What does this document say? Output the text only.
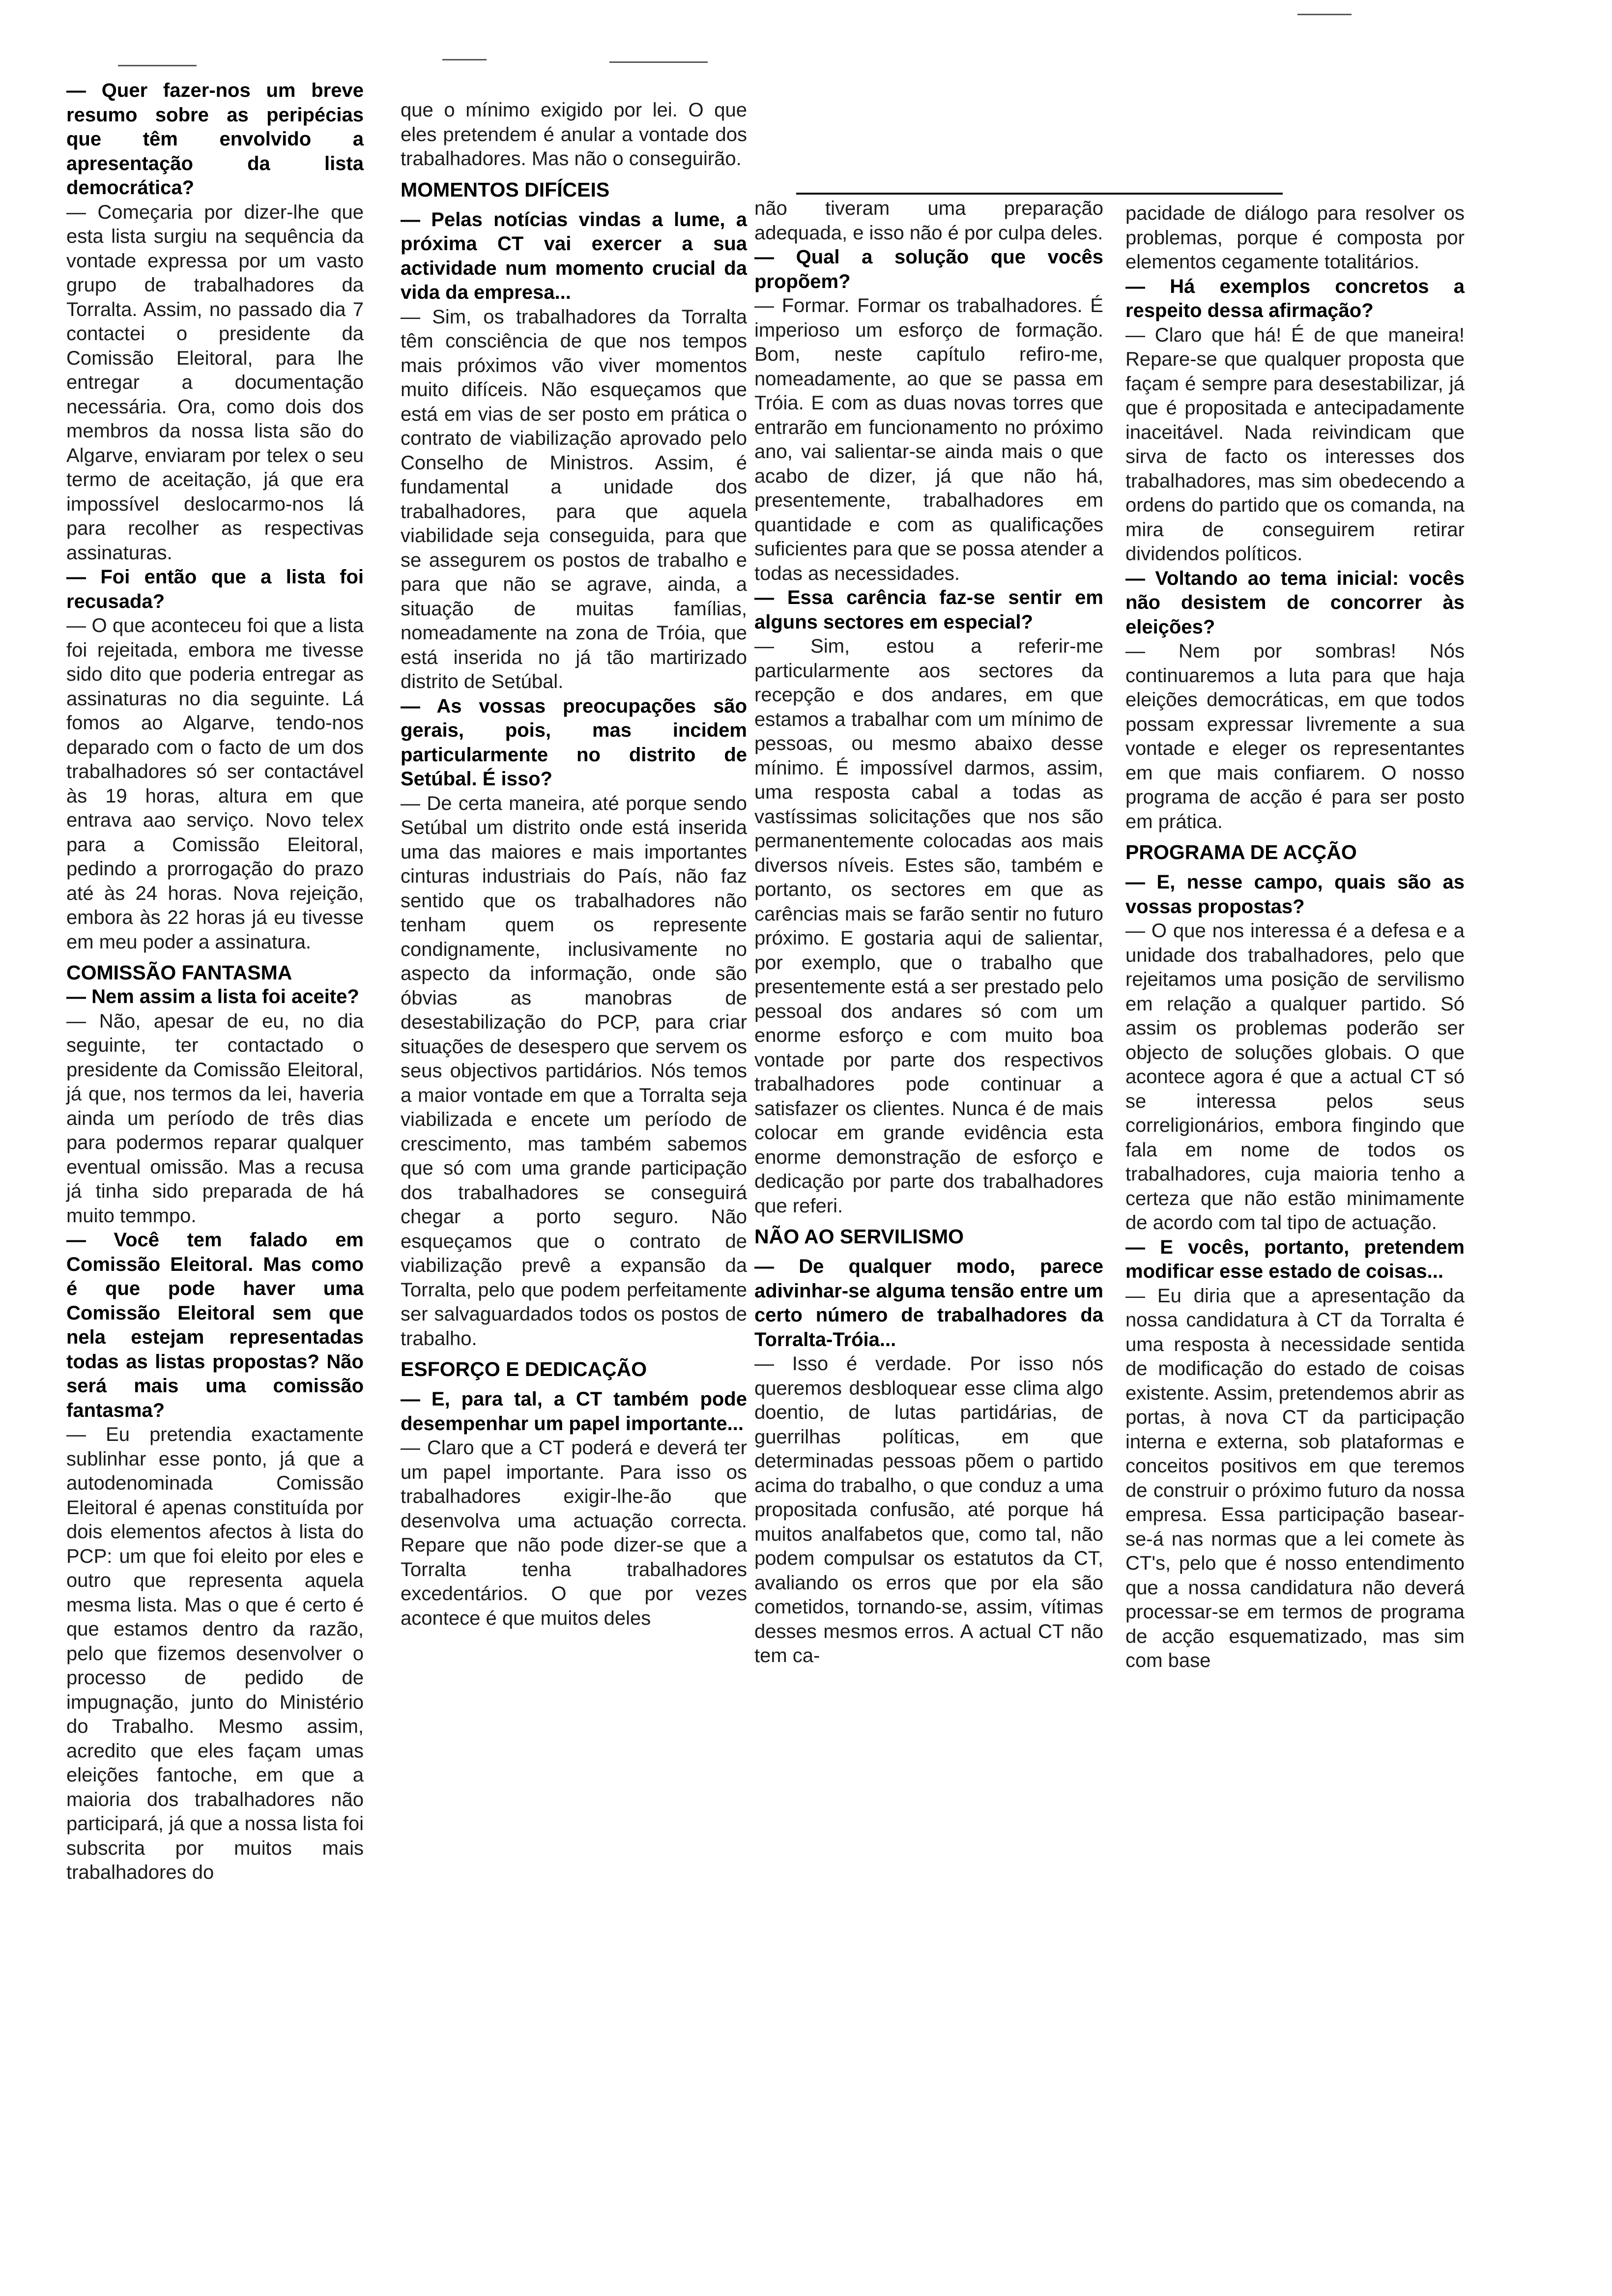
— Quer fazer-nos um breve resumo sobre as peripécias que têm envolvido a apresentação da lista democrática?

— Começaria por dizer-lhe que esta lista surgiu na sequência da vontade expressa por um vasto grupo de trabalhadores da Torralta. Assim, no passado dia 7 contactei o presidente da Comissão Eleitoral, para lhe entregar a documentação necessária. Ora, como dois dos membros da nossa lista são do Algarve, enviaram por telex o seu termo de aceitação, já que era impossível deslocarmo-nos lá para recolher as respectivas assinaturas.

— Foi então que a lista foi recusada?

— O que aconteceu foi que a lista foi rejeitada, embora me tivesse sido dito que poderia entregar as assinaturas no dia seguinte. Lá fomos ao Algarve, tendo-nos deparado com o facto de um dos trabalhadores só ser contactável às 19 horas, altura em que entrava aao serviço. Novo telex para a Comissão Eleitoral, pedindo a prorrogação do prazo até às 24 horas. Nova rejeição, embora às 22 horas já eu tivesse em meu poder a assinatura.

COMISSÃO FANTASMA

— Nem assim a lista foi aceite?

— Não, apesar de eu, no dia seguinte, ter contactado o presidente da Comissão Eleitoral, já que, nos termos da lei, haveria ainda um período de três dias para podermos reparar qualquer eventual omissão. Mas a recusa já tinha sido preparada de há muito temmpo.

— Você tem falado em Comissão Eleitoral. Mas como é que pode haver uma Comissão Eleitoral sem que nela estejam representadas todas as listas propostas? Não será mais uma comissão fantasma?

— Eu pretendia exactamente sublinhar esse ponto, já que a autodenominada Comissão Eleitoral é apenas constituída por dois elementos afectos à lista do PCP: um que foi eleito por eles e outro que representa aquela mesma lista. Mas o que é certo é que estamos dentro da razão, pelo que fizemos desenvolver o processo de pedido de impugnação, junto do Ministério do Trabalho. Mesmo assim, acredito que eles façam umas eleições fantoche, em que a maioria dos trabalhadores não participará, já que a nossa lista foi subscrita por muitos mais trabalhadores do

que o mínimo exigido por lei. O que eles pretendem é anular a vontade dos trabalhadores. Mas não o conseguirão.

MOMENTOS DIFÍCEIS

— Pelas notícias vindas a lume, a próxima CT vai exercer a sua actividade num momento crucial da vida da empresa...

— Sim, os trabalhadores da Torralta têm consciência de que nos tempos mais próximos vão viver momentos muito difíceis. Não esqueçamos que está em vias de ser posto em prática o contrato de viabilização aprovado pelo Conselho de Ministros. Assim, é fundamental a unidade dos trabalhadores, para que aquela viabilidade seja conseguida, para que se assegurem os postos de trabalho e para que não se agrave, ainda, a situação de muitas famílias, nomeadamente na zona de Tróia, que está inserida no já tão martirizado distrito de Setúbal.

— As vossas preocupações são gerais, pois, mas incidem particularmente no distrito de Setúbal. É isso?

— De certa maneira, até porque sendo Setúbal um distrito onde está inserida uma das maiores e mais importantes cinturas industriais do País, não faz sentido que os trabalhadores não tenham quem os represente condignamente, inclusivamente no aspecto da informação, onde são óbvias as manobras de desestabilização do PCP, para criar situações de desespero que servem os seus objectivos partidários. Nós temos a maior vontade em que a Torralta seja viabilizada e encete um período de crescimento, mas também sabemos que só com uma grande participação dos trabalhadores se conseguirá chegar a porto seguro. Não esqueçamos que o contrato de viabilização prevê a expansão da Torralta, pelo que podem perfeitamente ser salvaguardados todos os postos de trabalho.

ESFORÇO E DEDICAÇÃO

— E, para tal, a CT também pode desempenhar um papel importante...

— Claro que a CT poderá e deverá ter um papel importante. Para isso os trabalhadores exigir-lhe-ão que desenvolva uma actuação correcta. Repare que não pode dizer-se que a Torralta tenha trabalhadores excedentários. O que por vezes acontece é que muitos deles

não tiveram uma preparação adequada, e isso não é por culpa deles.

— Qual a solução que vocês propõem?

— Formar. Formar os trabalhadores. É imperioso um esforço de formação. Bom, neste capítulo refiro-me, nomeadamente, ao que se passa em Tróia. E com as duas novas torres que entrarão em funcionamento no próximo ano, vai salientar-se ainda mais o que acabo de dizer, já que não há, presentemente, trabalhadores em quantidade e com as qualificações suficientes para que se possa atender a todas as necessidades.

— Essa carência faz-se sentir em alguns sectores em especial?

— Sim, estou a referir-me particularmente aos sectores da recepção e dos andares, em que estamos a trabalhar com um mínimo de pessoas, ou mesmo abaixo desse mínimo. É impossível darmos, assim, uma resposta cabal a todas as vastíssimas solicitações que nos são permanentemente colocadas aos mais diversos níveis. Estes são, também e portanto, os sectores em que as carências mais se farão sentir no futuro próximo. E gostaria aqui de salientar, por exemplo, que o trabalho que presentemente está a ser prestado pelo pessoal dos andares só com um enorme esforço e com muito boa vontade por parte dos respectivos trabalhadores pode continuar a satisfazer os clientes. Nunca é de mais colocar em grande evidência esta enorme demonstração de esforço e dedicação por parte dos trabalhadores que referi.

NÃO AO SERVILISMO

— De qualquer modo, parece adivinhar-se alguma tensão entre um certo número de trabalhadores da Torralta-Tróia...

— Isso é verdade. Por isso nós queremos desbloquear esse clima algo doentio, de lutas partidárias, de guerrilhas políticas, em que determinadas pessoas põem o partido acima do trabalho, o que conduz a uma propositada confusão, até porque há muitos analfabetos que, como tal, não podem compulsar os estatutos da CT, avaliando os erros que por ela são cometidos, tornando-se, assim, vítimas desses mesmos erros. A actual CT não tem ca-

pacidade de diálogo para resolver os problemas, porque é composta por elementos cegamente totalitários.

— Há exemplos concretos a respeito dessa afirmação?

— Claro que há! É de que maneira! Repare-se que qualquer proposta que façam é sempre para desestabilizar, já que é propositada e antecipadamente inaceitável. Nada reivindicam que sirva de facto os interesses dos trabalhadores, mas sim obedecendo a ordens do partido que os comanda, na mira de conseguirem retirar dividendos políticos.

— Voltando ao tema inicial: vocês não desistem de concorrer às eleições?

— Nem por sombras! Nós continuaremos a luta para que haja eleições democráticas, em que todos possam expressar livremente a sua vontade e eleger os representantes em que mais confiarem. O nosso programa de acção é para ser posto em prática.

PROGRAMA DE ACÇÃO

— E, nesse campo, quais são as vossas propostas?

— O que nos interessa é a defesa e a unidade dos trabalhadores, pelo que rejeitamos uma posição de servilismo em relação a qualquer partido. Só assim os problemas poderão ser objecto de soluções globais. O que acontece agora é que a actual CT só se interessa pelos seus correligionários, embora fingindo que fala em nome de todos os trabalhadores, cuja maioria tenho a certeza que não estão minimamente de acordo com tal tipo de actuação.

— E vocês, portanto, pretendem modificar esse estado de coisas...

— Eu diria que a apresentação da nossa candidatura à CT da Torralta é uma resposta à necessidade sentida de modificação do estado de coisas existente. Assim, pretendemos abrir as portas, à nova CT da participação interna e externa, sob plataformas e conceitos positivos em que teremos de construir o próximo futuro da nossa empresa. Essa participação basear-se-á nas normas que a lei comete às CT's, pelo que é nosso entendimento que a nossa candidatura não deverá processar-se em termos de programa de acção esquematizado, mas sim com base
